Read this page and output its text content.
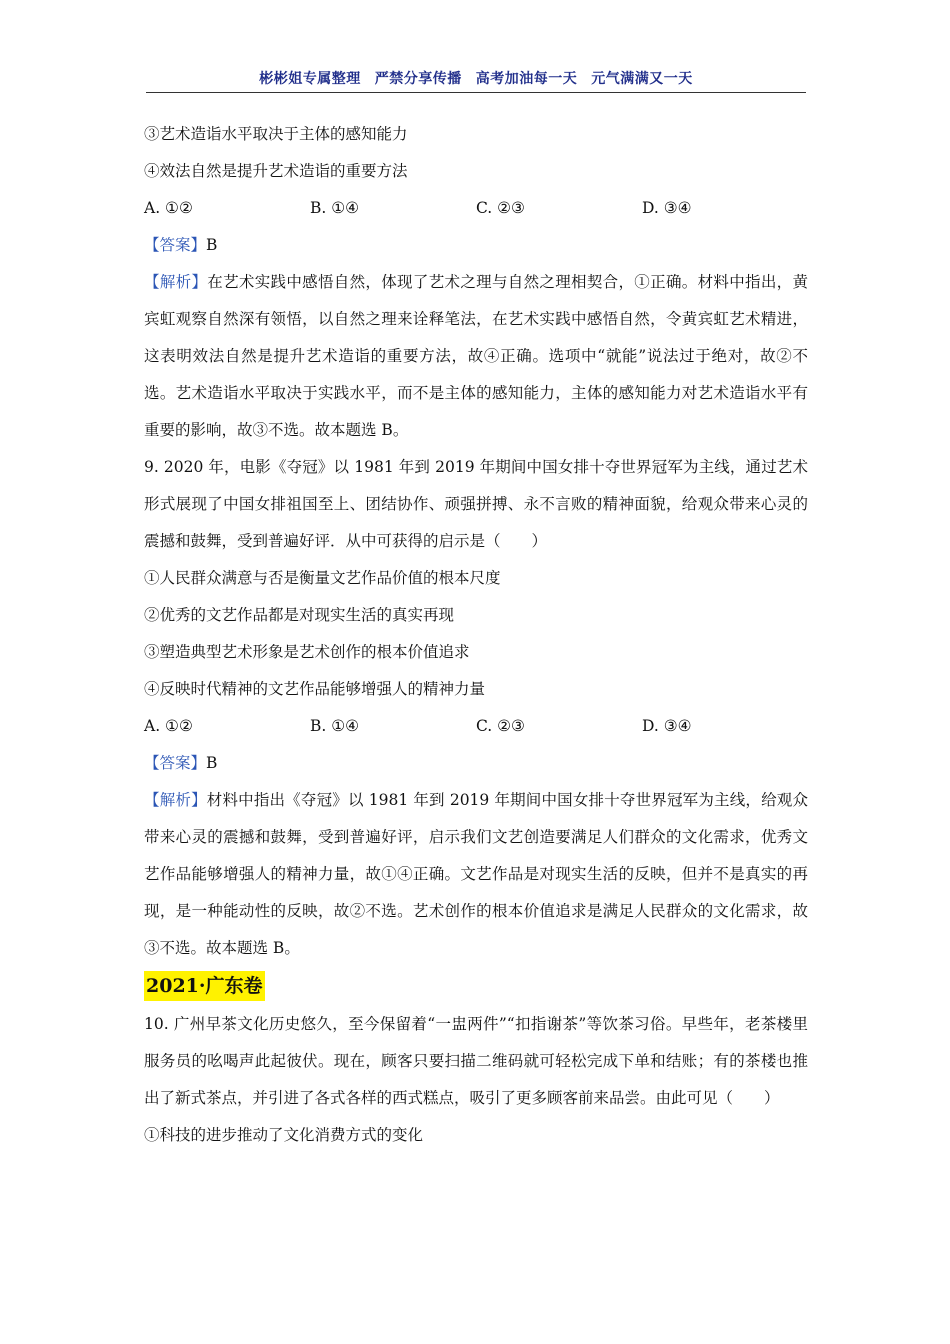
彬彬姐专属整理 严禁分享传播 高考加油每一天 元气满满又一天
③艺术造诣水平取决于主体的感知能力
④效法自然是提升艺术造诣的重要方法
A. ①②	B. ①④	C. ②③	D. ③④
【答案】B
【解析】在艺术实践中感悟自然，体现了艺术之理与自然之理相契合，①正确。材料中指出，黄宾虹观察自然深有领悟，以自然之理来诠释笔法，在艺术实践中感悟自然，令黄宾虹艺术精进，这表明效法自然是提升艺术造诣的重要方法，故④正确。选项中“就能”说法过于绝对，故②不选。艺术造诣水平取决于实践水平，而不是主体的感知能力，主体的感知能力对艺术造诣水平有重要的影响，故③不选。故本题选 B。
9. 2020 年，电影《夺冠》以 1981 年到 2019 年期间中国女排十夺世界冠军为主线，通过艺术形式展现了中国女排祖国至上、团结协作、顽强拼搏、永不言败的精神面貌，给观众带来心灵的震撼和鼓舞，受到普遍好评．从中可获得的启示是（　　）
①人民群众满意与否是衡量文艺作品价值的根本尺度
②优秀的文艺作品都是对现实生活的真实再现
③塑造典型艺术形象是艺术创作的根本价值追求
④反映时代精神的文艺作品能够增强人的精神力量
A. ①②	B. ①④	C. ②③	D. ③④
【答案】B
【解析】材料中指出《夺冠》以 1981 年到 2019 年期间中国女排十夺世界冠军为主线，给观众带来心灵的震撼和鼓舞，受到普遍好评，启示我们文艺创造要满足人们群众的文化需求，优秀文艺作品能够增强人的精神力量，故①④正确。文艺作品是对现实生活的反映，但并不是真实的再现，是一种能动性的反映，故②不选。艺术创作的根本价值追求是满足人民群众的文化需求，故③不选。故本题选 B。
2021·广东卷
10. 广州早茶文化历史悠久，至今保留着“一盅两件”“扣指谢茶”等饮茶习俗。早些年，老茶楼里服务员的吆喝声此起彼伏。现在，顾客只要扫描二维码就可轻松完成下单和结账；有的茶楼也推出了新式茶点，并引进了各式各样的西式糕点，吸引了更多顾客前来品尝。由此可见（　　）
①科技的进步推动了文化消费方式的变化
